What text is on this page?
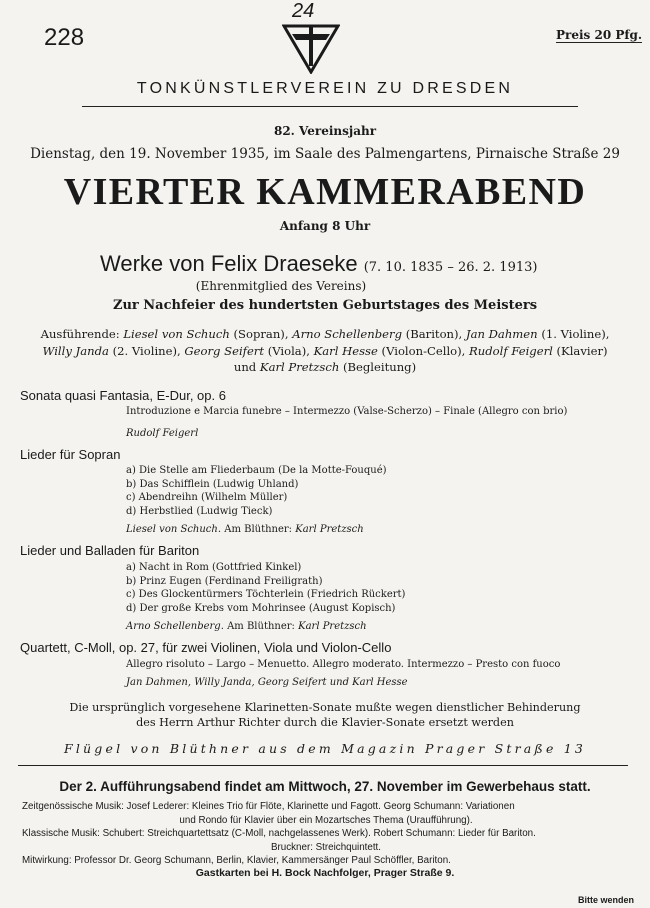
228
24
Preis 20 Pfg.
TONKÜNSTLERVEREIN ZU DRESDEN
82. Vereinsjahr
Dienstag, den 19. November 1935, im Saale des Palmengartens, Pirnaische Straße 29
VIERTER KAMMERABEND
Anfang 8 Uhr
Werke von Felix Draeseke (7. 10. 1835 – 26. 2. 1913)
(Ehrenmitglied des Vereins)
Zur Nachfeier des hundertsten Geburtstages des Meisters
Ausführende: Liesel von Schuch (Sopran), Arno Schellenberg (Bariton), Jan Dahmen (1. Violine),
Willy Janda (2. Violine), Georg Seifert (Viola), Karl Hesse (Violon-Cello), Rudolf Feigerl (Klavier)
und Karl Pretzsch (Begleitung)
Sonata quasi Fantasia, E-Dur, op. 6
Introduzione e Marcia funebre – Intermezzo (Valse-Scherzo) – Finale (Allegro con brio)
Rudolf Feigerl
Lieder für Sopran
a) Die Stelle am Fliederbaum (De la Motte-Fouqué)
b) Das Schifflein (Ludwig Uhland)
c) Abendreihn (Wilhelm Müller)
d) Herbstlied (Ludwig Tieck)
Liesel von Schuch. Am Blüthner: Karl Pretzsch
Lieder und Balladen für Bariton
a) Nacht in Rom (Gottfried Kinkel)
b) Prinz Eugen (Ferdinand Freiligrath)
c) Des Glockentürmers Töchterlein (Friedrich Rückert)
d) Der große Krebs vom Mohrinsee (August Kopisch)
Arno Schellenberg. Am Blüthner: Karl Pretzsch
Quartett, C-Moll, op. 27, für zwei Violinen, Viola und Violon-Cello
Allegro risoluto – Largo – Menuetto. Allegro moderato. Intermezzo – Presto con fuoco
Jan Dahmen, Willy Janda, Georg Seifert und Karl Hesse
Die ursprünglich vorgesehene Klarinetten-Sonate mußte wegen dienstlicher Behinderung
des Herrn Arthur Richter durch die Klavier-Sonate ersetzt werden
Flügel von Blüthner aus dem Magazin Prager Straße 13
Der 2. Aufführungsabend findet am Mittwoch, 27. November im Gewerbehaus statt.
Zeitgenössische Musik: Josef Lederer: Kleines Trio für Flöte, Klarinette und Fagott. Georg Schumann: Variationen
und Rondo für Klavier über ein Mozartsches Thema (Uraufführung).
Klassische Musik: Schubert: Streichquartettsatz (C-Moll, nachgelassenes Werk). Robert Schumann: Lieder für Bariton.
Bruckner: Streichquintett.
Mitwirkung: Professor Dr. Georg Schumann, Berlin, Klavier, Kammersänger Paul Schöffler, Bariton.
Gastkarten bei H. Bock Nachfolger, Prager Straße 9.
Bitte wenden
